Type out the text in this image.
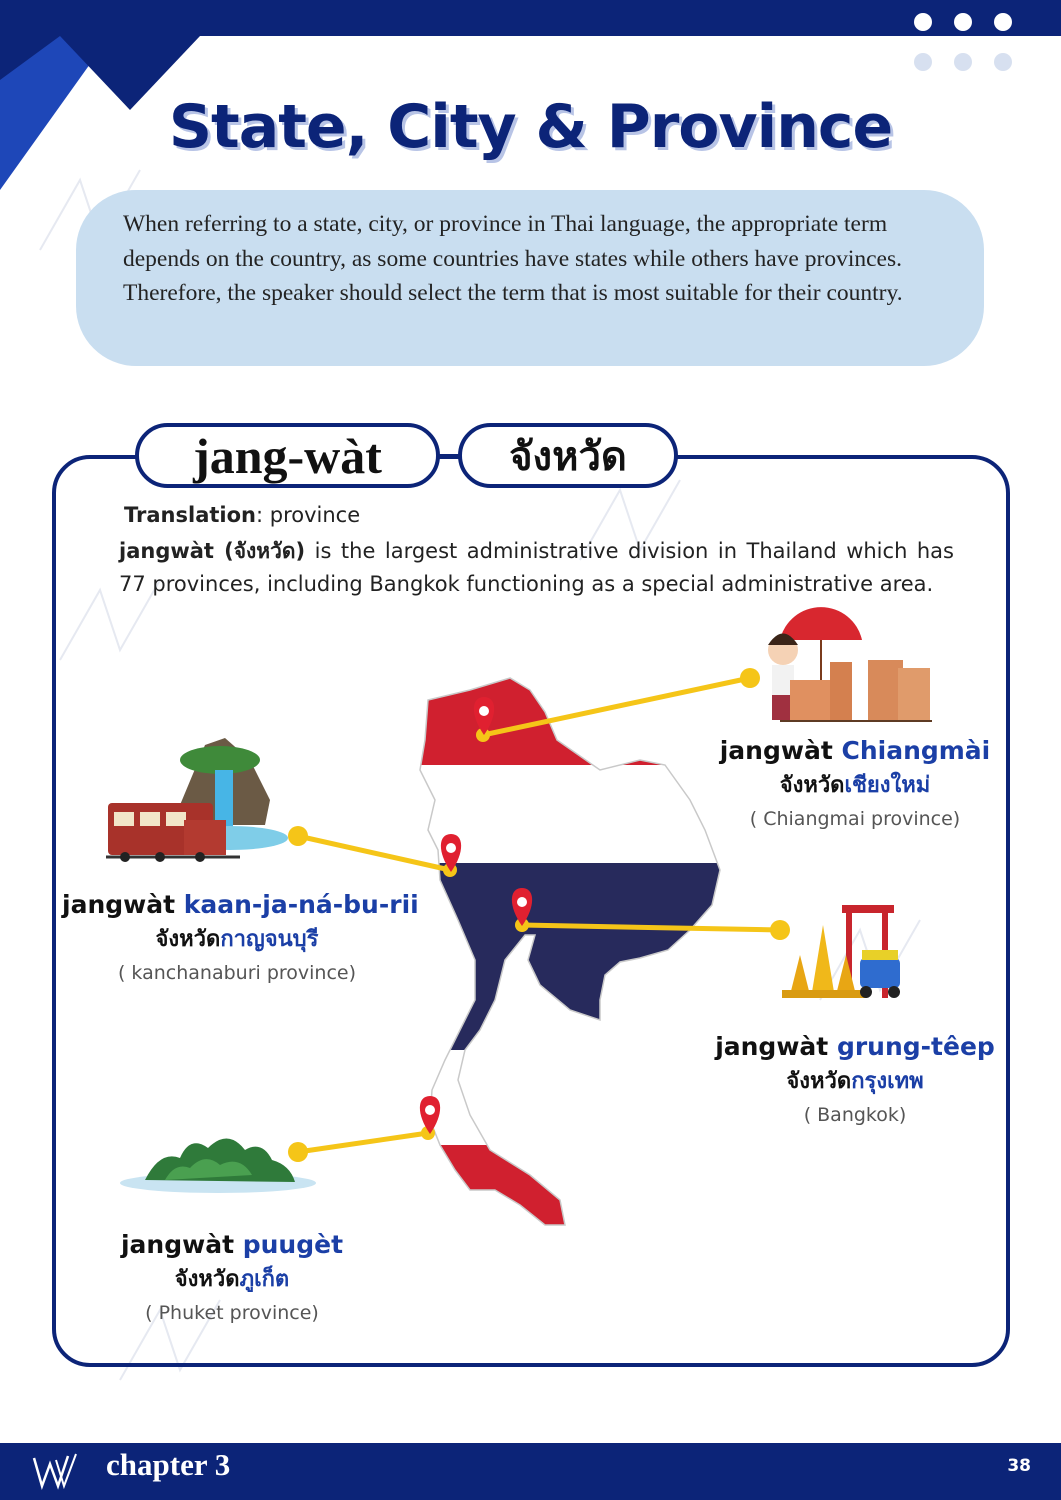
State, City & Province
When referring to a state, city, or province in Thai language, the appropriate term depends on the country, as some countries have states while others have provinces. Therefore, the speaker should select the term that is most suitable for their country.
jang-wàt	จังหวัด
Translation: province
jangwàt (จังหวัด) is the largest administrative division in Thailand which has 77 provinces, including Bangkok functioning as a special administrative area.
jangwàt Chiangmài
จังหวัดเชียงใหม่
( Chiangmai province)
jangwàt kaan-ja-ná-bu-rii
จังหวัดกาญจนบุรี
( kanchanaburi province)
jangwàt grung-têep
จังหวัดกรุงเทพ
( Bangkok)
jangwàt puugèt
จังหวัดภูเก็ต
( Phuket province)
chapter 3	38
